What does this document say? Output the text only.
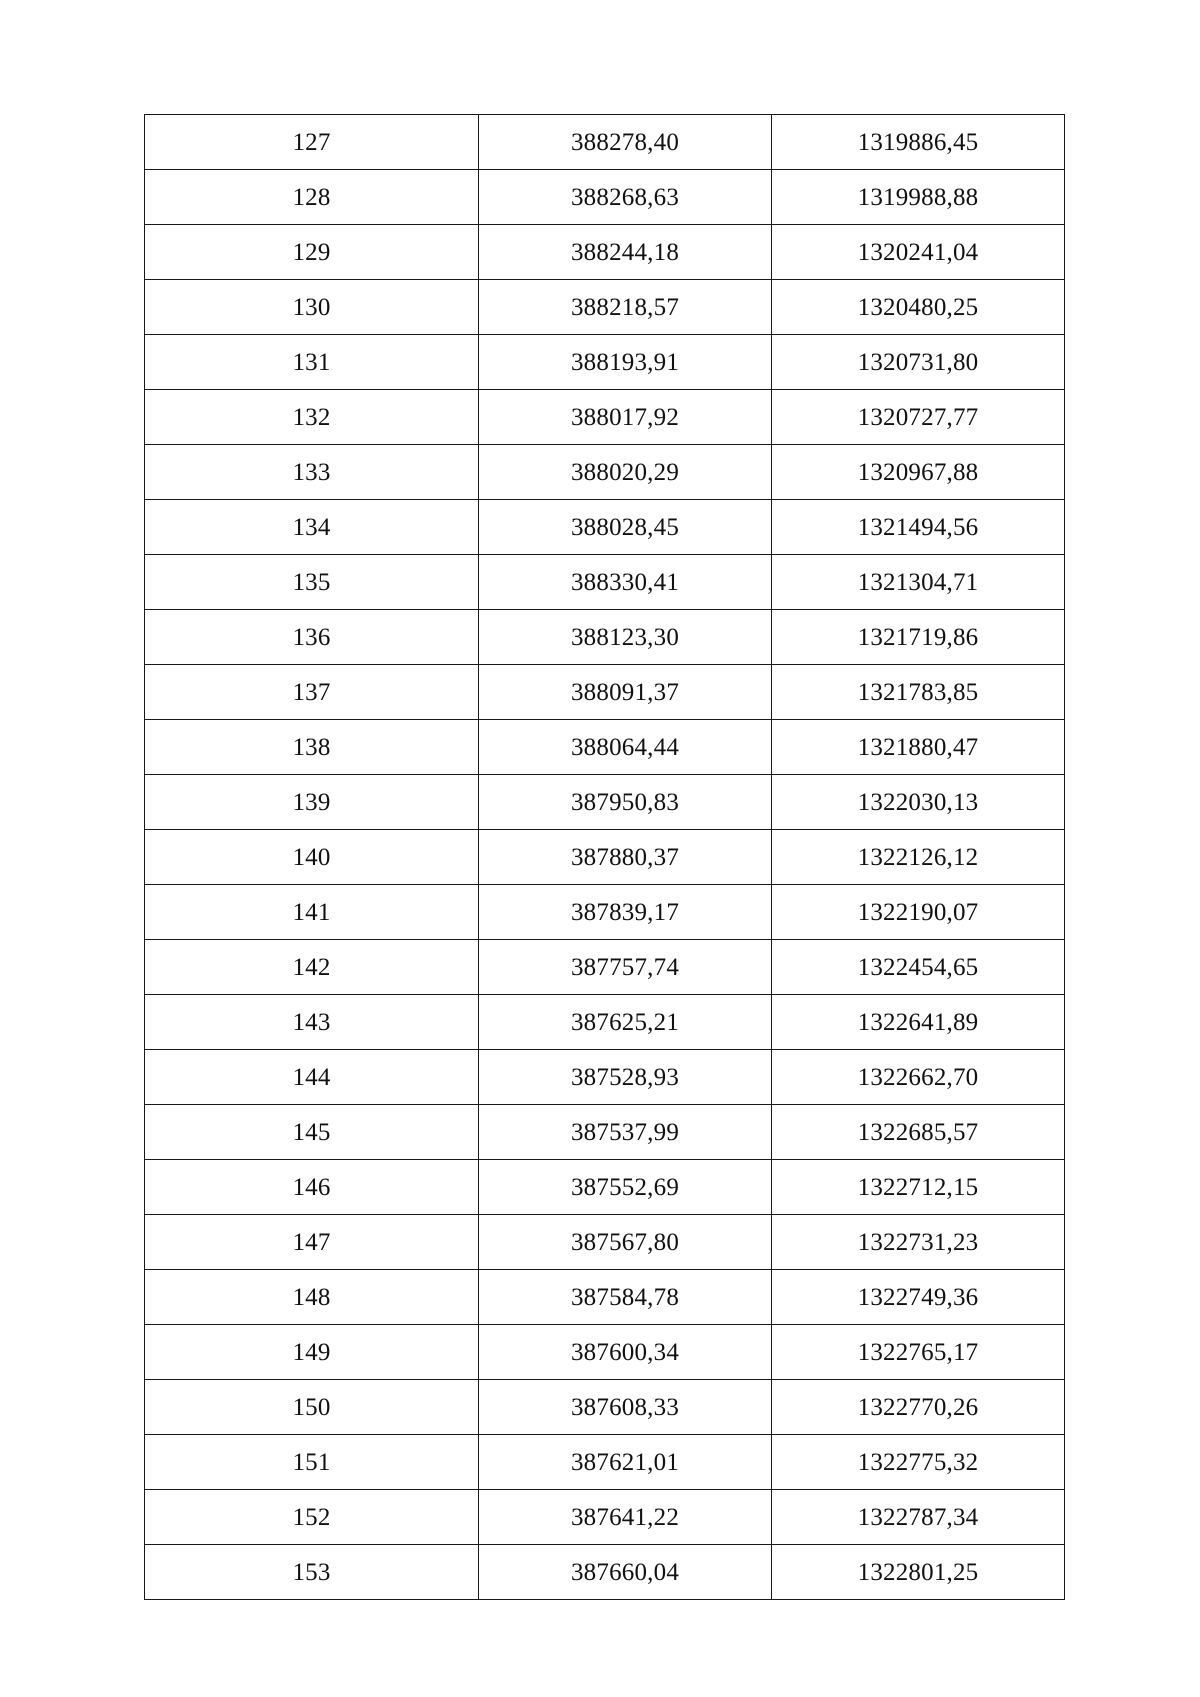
127	388278,40	1319886,45
128	388268,63	1319988,88
129	388244,18	1320241,04
130	388218,57	1320480,25
131	388193,91	1320731,80
132	388017,92	1320727,77
133	388020,29	1320967,88
134	388028,45	1321494,56
135	388330,41	1321304,71
136	388123,30	1321719,86
137	388091,37	1321783,85
138	388064,44	1321880,47
139	387950,83	1322030,13
140	387880,37	1322126,12
141	387839,17	1322190,07
142	387757,74	1322454,65
143	387625,21	1322641,89
144	387528,93	1322662,70
145	387537,99	1322685,57
146	387552,69	1322712,15
147	387567,80	1322731,23
148	387584,78	1322749,36
149	387600,34	1322765,17
150	387608,33	1322770,26
151	387621,01	1322775,32
152	387641,22	1322787,34
153	387660,04	1322801,25
